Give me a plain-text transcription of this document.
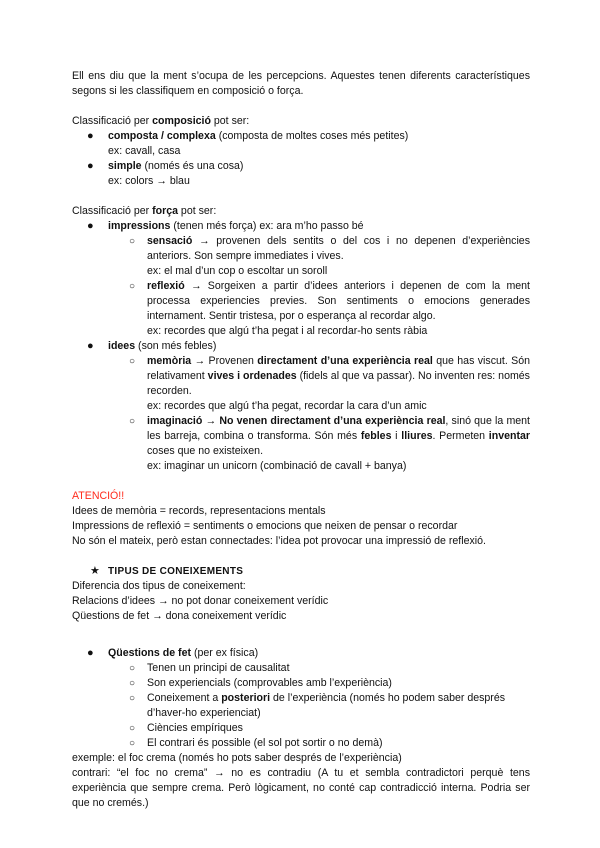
Ell ens diu que la ment s’ocupa de les percepcions. Aquestes tenen diferents característiques segons si les classifiquem en composició o força.

Classificació per composició pot ser:

● composta / complexa (composta de moltes coses més petites)

ex: cavall, casa

● simple (només és una cosa)

ex: colors → blau

Classificació per força pot ser:

● impressions (tenen més força) ex: ara m’ho passo bé
○ sensació → provenen dels sentits o del cos i no depenen d’experiències anteriors. Son sempre immediates i vives.

ex: el mal d’un cop o escoltar un soroll

○ reflexió → Sorgeixen a partir d’idees anteriors i depenen de com la ment processa experiencies previes. Son sentiments o emocions generades internament. Sentir tristesa, por o esperança al recordar algo.

ex: recordes que algú t’ha pegat i al recordar-ho sents ràbia

● idees (son més febles)
○ memòria → Provenen directament d’una experiència real que has viscut. Són relativament vives i ordenades (fidels al que va passar). No inventen res: només recorden.

ex: recordes que algú t’ha pegat, recordar la cara d’un amic

○ imaginació → No venen directament d’una experiència real, sinó que la ment les barreja, combina o transforma. Són més febles i lliures. Permeten inventar coses que no existeixen.

ex: imaginar un unicorn (combinació de cavall + banya)

ATENCIÓ!!

Idees de memòria = records, representacions mentals

Impressions de reflexió = sentiments o emocions que neixen de pensar o recordar

No són el mateix, però estan connectades: l’idea pot provocar una impressió de reflexió.

★ TIPUS DE CONEIXEMENTS

Diferencia dos tipus de coneixement:

Relacions d’idees → no pot donar coneixement verídic

Qüestions de fet → dona coneixement verídic

● Qüestions de fet (per ex física)
○ Tenen un principi de causalitat
○ Son experiencials (comprovables amb l’experiència)
○ Coneixement a posteriori de l’experiència (només ho podem saber després d’haver-ho experienciat)
○ Ciències empíriques
○ El contrari és possible (el sol pot sortir o no demà)

exemple: el foc crema (només ho pots saber després de l’experiència)

contrari: “el foc no crema” → no es contradiu (A tu et sembla contradictori perquè tens experiència que sempre crema. Però lògicament, no conté cap contradicció interna. Podria ser que no cremés.)
